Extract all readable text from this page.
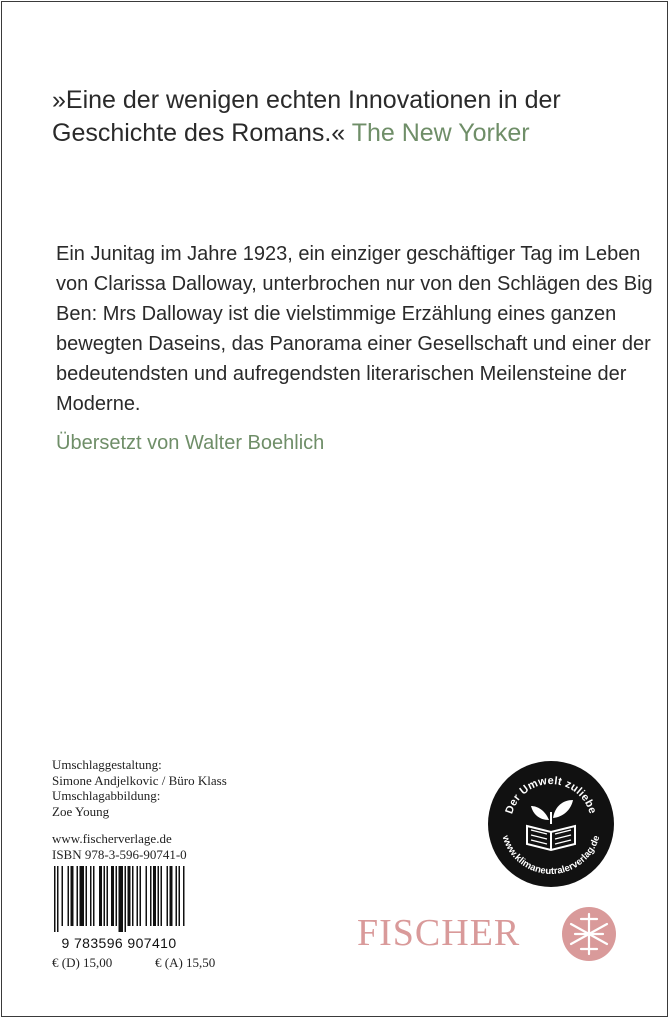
»Eine der wenigen echten Innovationen in der Geschichte des Romans.« The New Yorker
Ein Junitag im Jahre 1923, ein einziger geschäftiger Tag im Leben von Clarissa Dalloway, unterbrochen nur von den Schlägen des Big Ben: Mrs Dalloway ist die vielstimmige Erzählung eines ganzen bewegten Daseins, das Panorama einer Gesellschaft und einer der bedeutendsten und aufregendsten literarischen Meilensteine der Moderne.
Übersetzt von Walter Boehlich
Umschlaggestaltung:
Simone Andjelkovic / Büro Klass
Umschlagabbildung:
Zoe Young
www.fischerverlage.de
ISBN 978-3-596-90741-0
9 783596 907410
€ (D) 15,00	€ (A) 15,50
Der Umwelt zuliebe
www.klimaneutralerverlag.de
FISCHER
